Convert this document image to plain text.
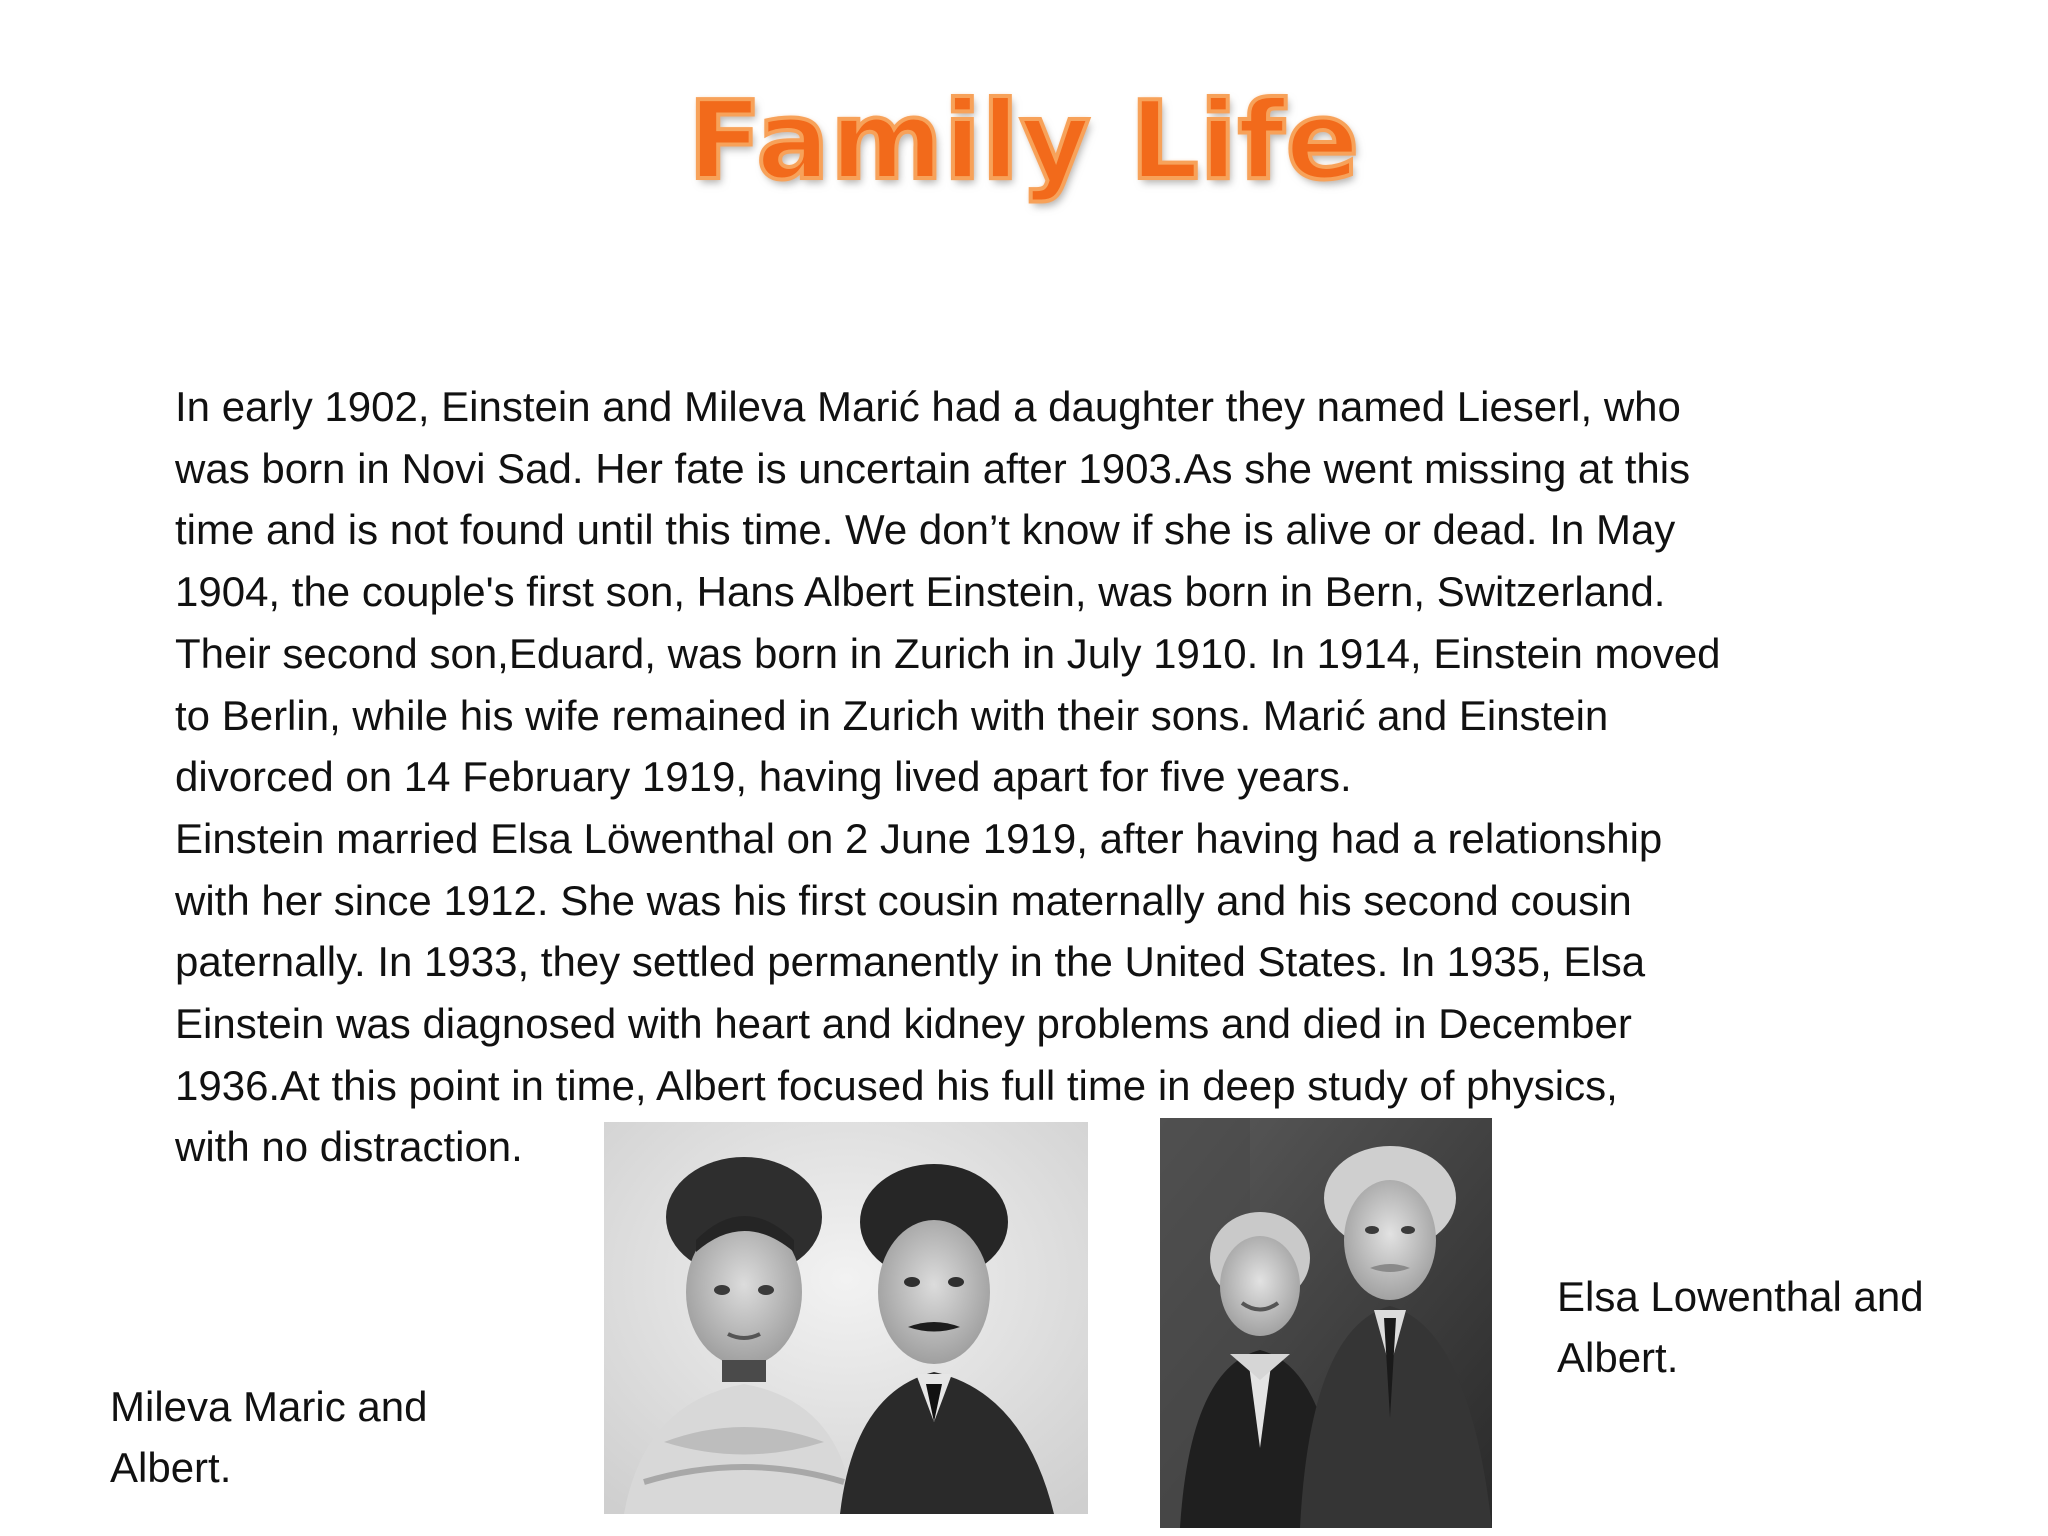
Family Life

In early 1902, Einstein and Mileva Marić had a daughter they named Lieserl, who
was born in Novi Sad. Her fate is uncertain after 1903.As she went missing at this
time and is not found until this time. We don’t know if she is alive or dead. In May
1904, the couple's first son, Hans Albert Einstein, was born in Bern, Switzerland.
Their second son,Eduard, was born in Zurich in July 1910. In 1914, Einstein moved
to Berlin, while his wife remained in Zurich with their sons. Marić and Einstein
divorced on 14 February 1919, having lived apart for five years.

Einstein married Elsa Löwenthal on 2 June 1919, after having had a relationship
with her since 1912. She was his first cousin maternally and his second cousin
paternally. In 1933, they settled permanently in the United States. In 1935, Elsa
Einstein was diagnosed with heart and kidney problems and died in December
1936.At this point in time, Albert focused his full time in deep study of physics,
with no distraction.

Mileva Maric and
Albert.
Elsa Lowenthal and
Albert.
